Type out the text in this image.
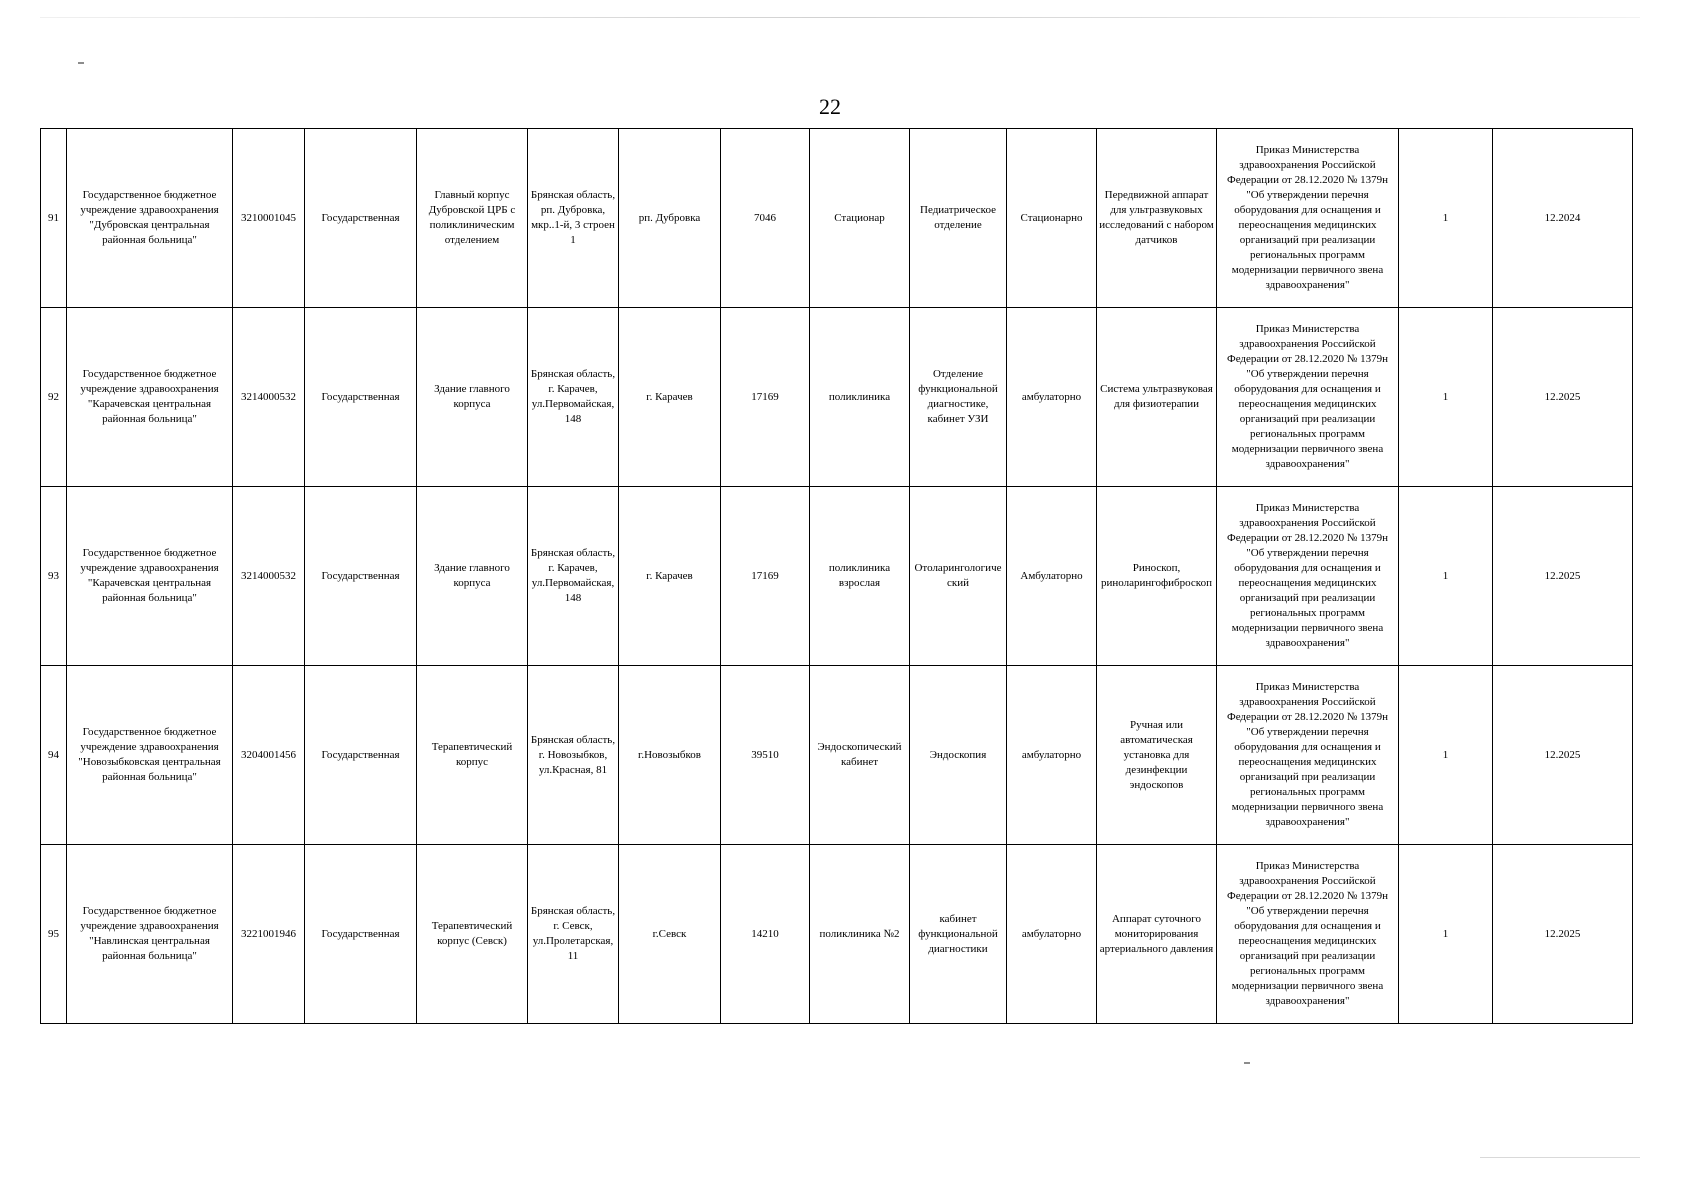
22
91	Государственное бюджетное учреждение здравоохранения "Дубровская центральная районная больница"	3210001045	Государственная	Главный корпус Дубровской ЦРБ с поликлиническим отделением	Брянская область, рп. Дубровка, мкр..1-й, 3 строен 1	рп. Дубровка	7046	Стационар	Педиатрическое отделение	Стационарно	Передвижной аппарат для ультразвуковых исследований с набором датчиков	Приказ Министерства здравоохранения Российской Федерации от 28.12.2020 № 1379н "Об утверждении перечня оборудования для оснащения и переоснащения медицинских организаций при реализации региональных программ модернизации первичного звена здравоохранения"	1	12.2024
92	Государственное бюджетное учреждение здравоохранения "Карачевская центральная районная больница"	3214000532	Государственная	Здание главного корпуса	Брянская область, г. Карачев, ул.Первомайская, 148	г. Карачев	17169	поликлиника	Отделение функциональной диагностике, кабинет УЗИ	амбулаторно	Система ультразвуковая для физиотерапии	Приказ Министерства здравоохранения Российской Федерации от 28.12.2020 № 1379н "Об утверждении перечня оборудования для оснащения и переоснащения медицинских организаций при реализации региональных программ модернизации первичного звена здравоохранения"	1	12.2025
93	Государственное бюджетное учреждение здравоохранения "Карачевская центральная районная больница"	3214000532	Государственная	Здание главного корпуса	Брянская область, г. Карачев, ул.Первомайская, 148	г. Карачев	17169	поликлиника взрослая	Отоларингологический	Амбулаторно	Риноскоп, риноларингофиброскоп	Приказ Министерства здравоохранения Российской Федерации от 28.12.2020 № 1379н "Об утверждении перечня оборудования для оснащения и переоснащения медицинских организаций при реализации региональных программ модернизации первичного звена здравоохранения"	1	12.2025
94	Государственное бюджетное учреждение здравоохранения "Новозыбковская центральная районная больница"	3204001456	Государственная	Терапевтический корпус	Брянская область, г. Новозыбков, ул.Красная, 81	г.Новозыбков	39510	Эндоскопический кабинет	Эндоскопия	амбулаторно	Ручная или автоматическая установка для дезинфекции эндоскопов	Приказ Министерства здравоохранения Российской Федерации от 28.12.2020 № 1379н "Об утверждении перечня оборудования для оснащения и переоснащения медицинских организаций при реализации региональных программ модернизации первичного звена здравоохранения"	1	12.2025
95	Государственное бюджетное учреждение здравоохранения "Навлинская центральная районная больница"	3221001946	Государственная	Терапевтический корпус (Севск)	Брянская область, г. Севск, ул.Пролетарская, 11	г.Севск	14210	поликлиника №2	кабинет функциональной диагностики	амбулаторно	Аппарат суточного мониторирования артериального давления	Приказ Министерства здравоохранения Российской Федерации от 28.12.2020 № 1379н "Об утверждении перечня оборудования для оснащения и переоснащения медицинских организаций при реализации региональных программ модернизации первичного звена здравоохранения"	1	12.2025
